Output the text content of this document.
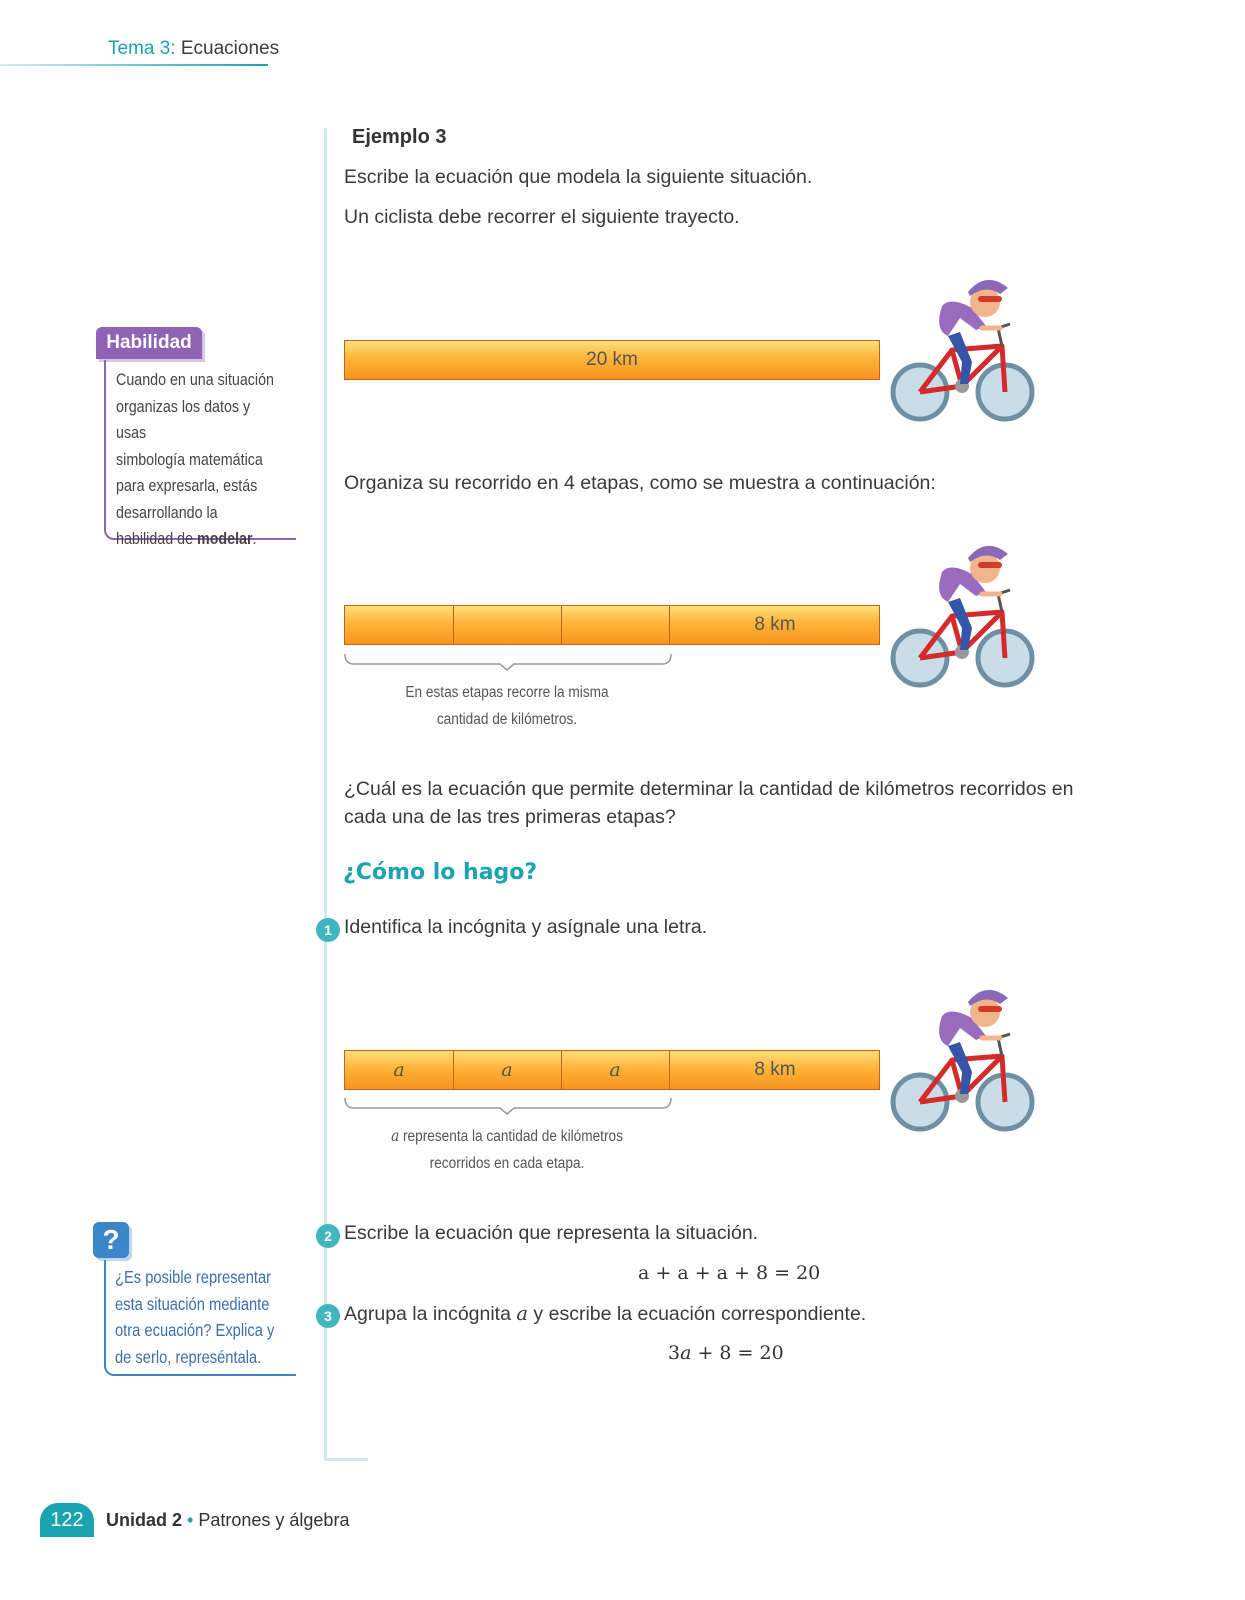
Tema 3: Ecuaciones
Ejemplo 3
Escribe la ecuación que modela la siguiente situación.
Un ciclista debe recorrer el siguiente trayecto.
20 km
Organiza su recorrido en 4 etapas, como se muestra a continuación:
8 km
En estas etapas recorre la misma
cantidad de kilómetros.
¿Cuál es la ecuación que permite determinar la cantidad de kilómetros recorridos en
cada una de las tres primeras etapas?
¿Cómo lo hago?
1 Identifica la incógnita y asígnale una letra.
a	a	a	8 km
a representa la cantidad de kilómetros
recorridos en cada etapa.
2 Escribe la ecuación que representa la situación.
a + a + a + 8 = 20
3 Agrupa la incógnita a y escribe la ecuación correspondiente.
3a + 8 = 20
Habilidad
Cuando en una situación
organizas los datos y usas
simbología matemática
para expresarla, estás
desarrollando la
habilidad de modelar.
?
¿Es posible representar
esta situación mediante
otra ecuación? Explica y
de serlo, represéntala.
122	Unidad 2 • Patrones y álgebra
